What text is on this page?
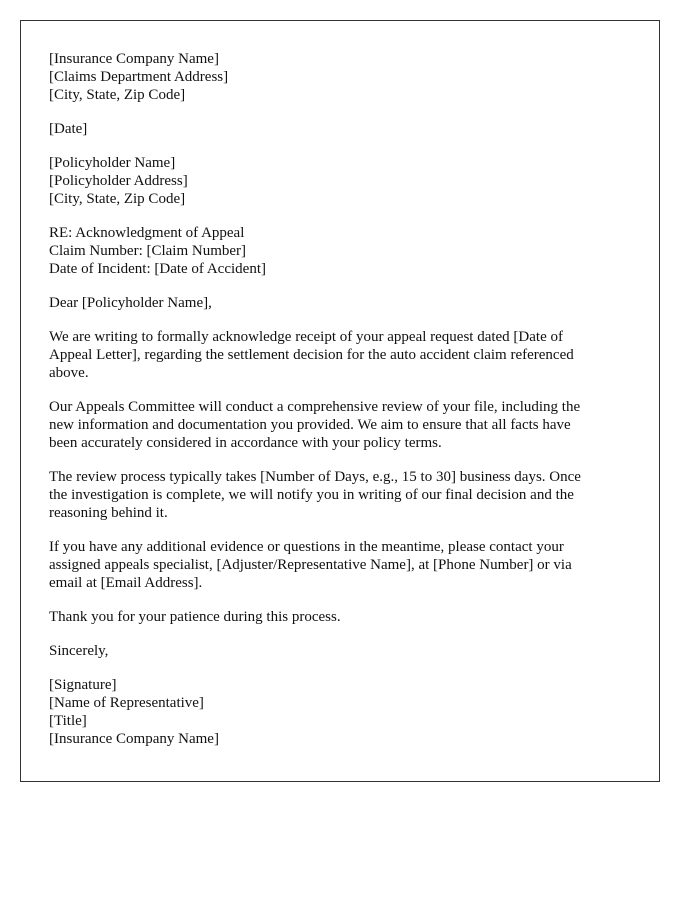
[Insurance Company Name]
[Claims Department Address]
[City, State, Zip Code]
[Date]
[Policyholder Name]
[Policyholder Address]
[City, State, Zip Code]
RE: Acknowledgment of Appeal
Claim Number: [Claim Number]
Date of Incident: [Date of Accident]
Dear [Policyholder Name],
We are writing to formally acknowledge receipt of your appeal request dated [Date of
Appeal Letter], regarding the settlement decision for the auto accident claim referenced
above.
Our Appeals Committee will conduct a comprehensive review of your file, including the
new information and documentation you provided. We aim to ensure that all facts have
been accurately considered in accordance with your policy terms.
The review process typically takes [Number of Days, e.g., 15 to 30] business days. Once
the investigation is complete, we will notify you in writing of our final decision and the
reasoning behind it.
If you have any additional evidence or questions in the meantime, please contact your
assigned appeals specialist, [Adjuster/Representative Name], at [Phone Number] or via
email at [Email Address].
Thank you for your patience during this process.
Sincerely,
[Signature]
[Name of Representative]
[Title]
[Insurance Company Name]
